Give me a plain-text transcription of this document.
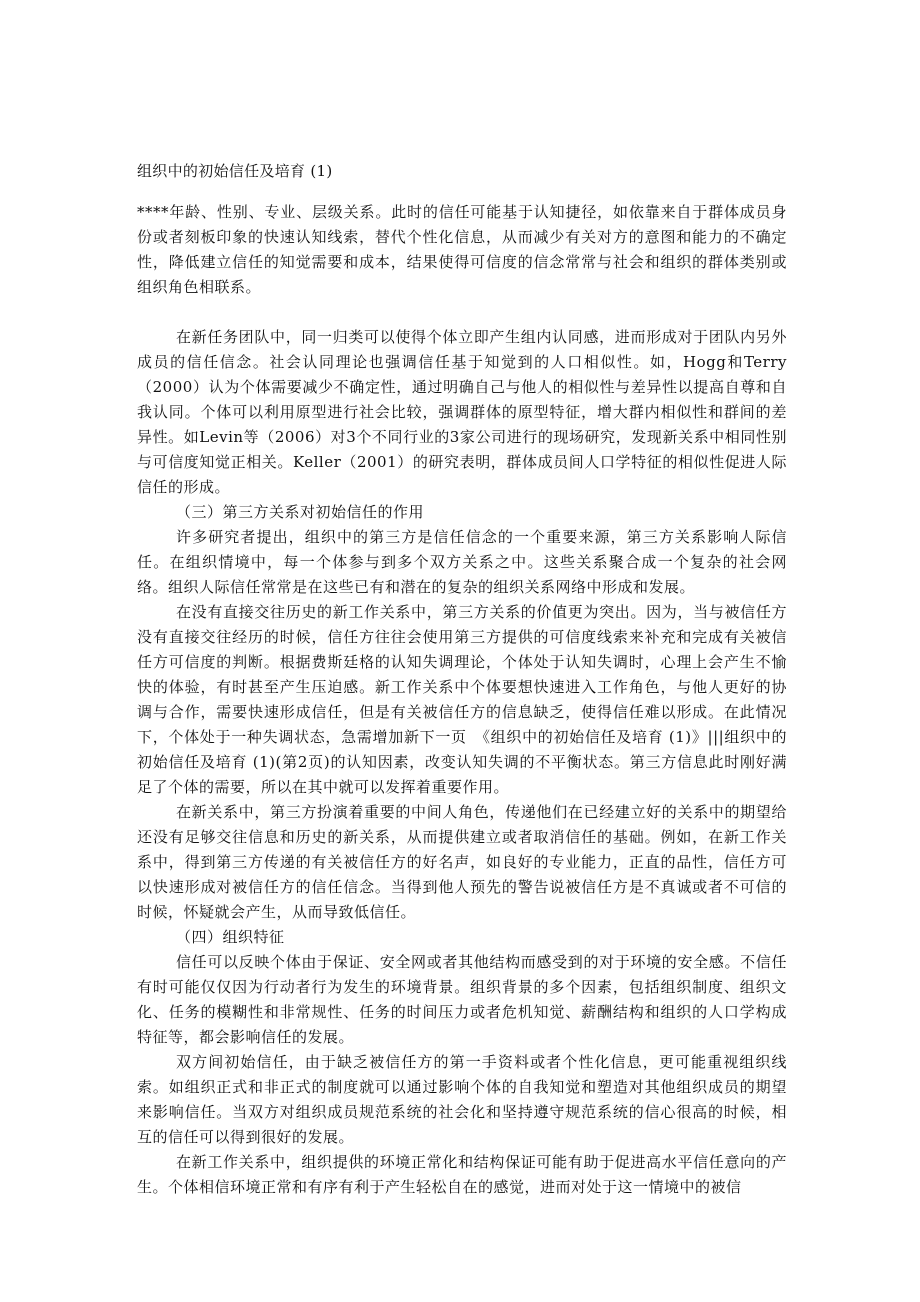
组织中的初始信任及培育 (1)

****年龄、性别、专业、层级关系。此时的信任可能基于认知捷径，如依靠来自于群体成员身份或者刻板印象的快速认知线索，替代个性化信息，从而减少有关对方的意图和能力的不确定性，降低建立信任的知觉需要和成本，结果使得可信度的信念常常与社会和组织的群体类别或组织角色相联系。

在新任务团队中，同一归类可以使得个体立即产生组内认同感，进而形成对于团队内另外成员的信任信念。社会认同理论也强调信任基于知觉到的人口相似性。如，Hogg和Terry（2000）认为个体需要减少不确定性，通过明确自己与他人的相似性与差异性以提高自尊和自我认同。个体可以利用原型进行社会比较，强调群体的原型特征，增大群内相似性和群间的差异性。如Levin等（2006）对3个不同行业的3家公司进行的现场研究，发现新关系中相同性别与可信度知觉正相关。Keller（2001）的研究表明，群体成员间人口学特征的相似性促进人际信任的形成。

（三）第三方关系对初始信任的作用

许多研究者提出，组织中的第三方是信任信念的一个重要来源，第三方关系影响人际信任。在组织情境中，每一个体参与到多个双方关系之中。这些关系聚合成一个复杂的社会网络。组织人际信任常常是在这些已有和潜在的复杂的组织关系网络中形成和发展。

在没有直接交往历史的新工作关系中，第三方关系的价值更为突出。因为，当与被信任方没有直接交往经历的时候，信任方往往会使用第三方提供的可信度线索来补充和完成有关被信任方可信度的判断。根据费斯廷格的认知失调理论，个体处于认知失调时，心理上会产生不愉快的体验，有时甚至产生压迫感。新工作关系中个体要想快速进入工作角色，与他人更好的协调与合作，需要快速形成信任，但是有关被信任方的信息缺乏，使得信任难以形成。在此情况下，个体处于一种失调状态，急需增加新下一页　《组织中的初始信任及培育 (1)》|||组织中的初始信任及培育 (1)(第2页)的认知因素，改变认知失调的不平衡状态。第三方信息此时刚好满足了个体的需要，所以在其中就可以发挥着重要作用。

在新关系中，第三方扮演着重要的中间人角色，传递他们在已经建立好的关系中的期望给还没有足够交往信息和历史的新关系，从而提供建立或者取消信任的基础。例如，在新工作关系中，得到第三方传递的有关被信任方的好名声，如良好的专业能力，正直的品性，信任方可以快速形成对被信任方的信任信念。当得到他人预先的警告说被信任方是不真诚或者不可信的时候，怀疑就会产生，从而导致低信任。

（四）组织特征

信任可以反映个体由于保证、安全网或者其他结构而感受到的对于环境的安全感。不信任有时可能仅仅因为行动者行为发生的环境背景。组织背景的多个因素，包括组织制度、组织文化、任务的模糊性和非常规性、任务的时间压力或者危机知觉、薪酬结构和组织的人口学构成特征等，都会影响信任的发展。

双方间初始信任，由于缺乏被信任方的第一手资料或者个性化信息，更可能重视组织线索。如组织正式和非正式的制度就可以通过影响个体的自我知觉和塑造对其他组织成员的期望来影响信任。当双方对组织成员规范系统的社会化和坚持遵守规范系统的信心很高的时候，相互的信任可以得到很好的发展。

在新工作关系中，组织提供的环境正常化和结构保证可能有助于促进高水平信任意向的产生。个体相信环境正常和有序有利于产生轻松自在的感觉，进而对处于这一情境中的被信
